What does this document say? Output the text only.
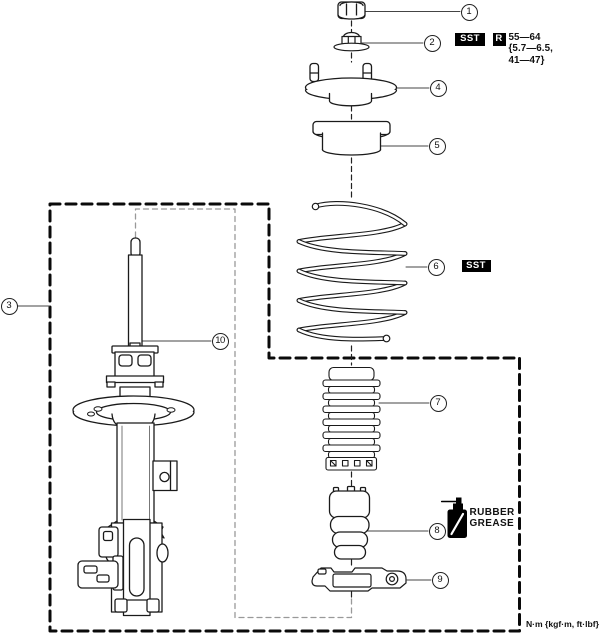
1
2
3
4
5
6
7
8
9
10
SST	R
SST
55—64
{5.7—6.5,
41—47}
RUBBER
GREASE
N·m {kgf·m, ft·lbf}
